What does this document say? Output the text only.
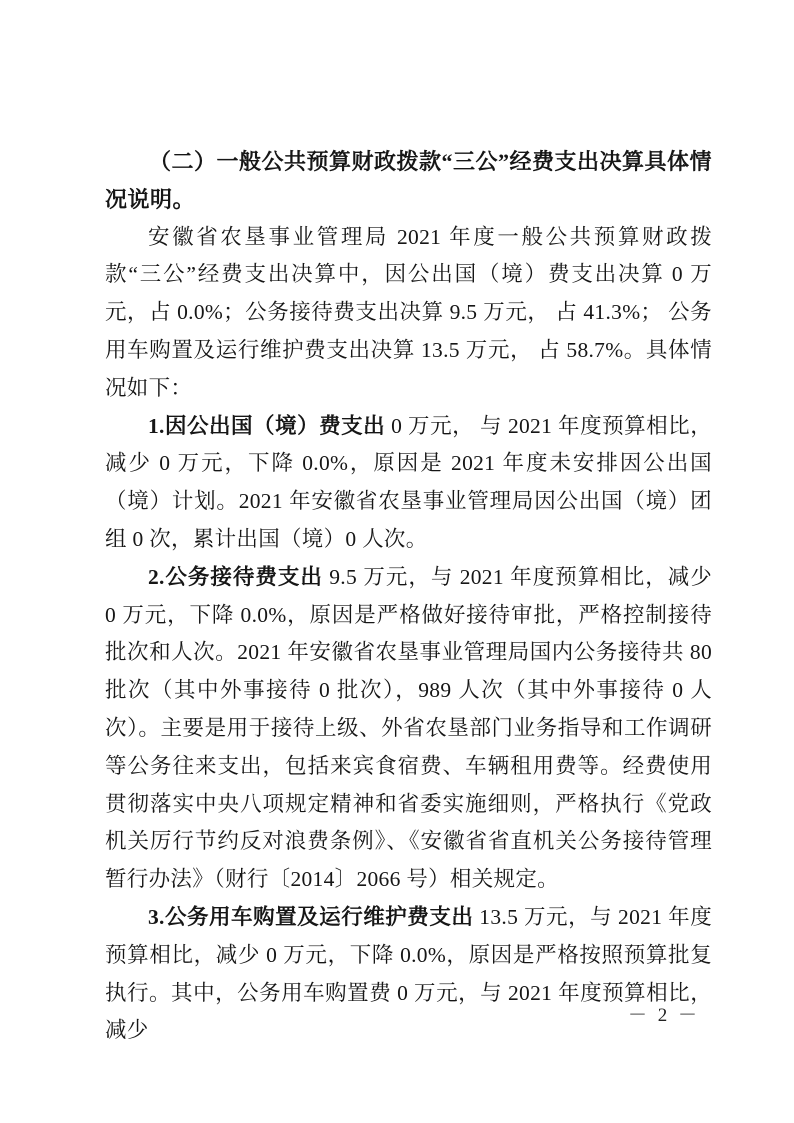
（二）一般公共预算财政拨款“三公”经费支出决算具体情况说明。

安徽省农垦事业管理局 2021 年度一般公共预算财政拨款“三公”经费支出决算中，因公出国（境）费支出决算 0 万元，占 0.0%；公务接待费支出决算 9.5 万元， 占 41.3%； 公务用车购置及运行维护费支出决算 13.5 万元， 占 58.7%。具体情况如下：

1.因公出国（境）费支出 0 万元， 与 2021 年度预算相比，减少 0 万元，下降 0.0%，原因是 2021 年度未安排因公出国（境）计划。2021 年安徽省农垦事业管理局因公出国（境）团组 0 次，累计出国（境）0 人次。

2.公务接待费支出 9.5 万元，与 2021 年度预算相比，减少 0 万元，下降 0.0%，原因是严格做好接待审批，严格控制接待批次和人次。2021 年安徽省农垦事业管理局国内公务接待共 80 批次（其中外事接待 0 批次），989 人次（其中外事接待 0 人次）。主要是用于接待上级、外省农垦部门业务指导和工作调研等公务往来支出，包括来宾食宿费、车辆租用费等。经费使用贯彻落实中央八项规定精神和省委实施细则，严格执行《党政机关厉行节约反对浪费条例》、《安徽省省直机关公务接待管理暂行办法》（财行〔2014〕2066 号）相关规定。

3.公务用车购置及运行维护费支出 13.5 万元，与 2021 年度预算相比，减少 0 万元，下降 0.0%，原因是严格按照预算批复执行。其中，公务用车购置费 0 万元，与 2021 年度预算相比，减少

－ 2 －
